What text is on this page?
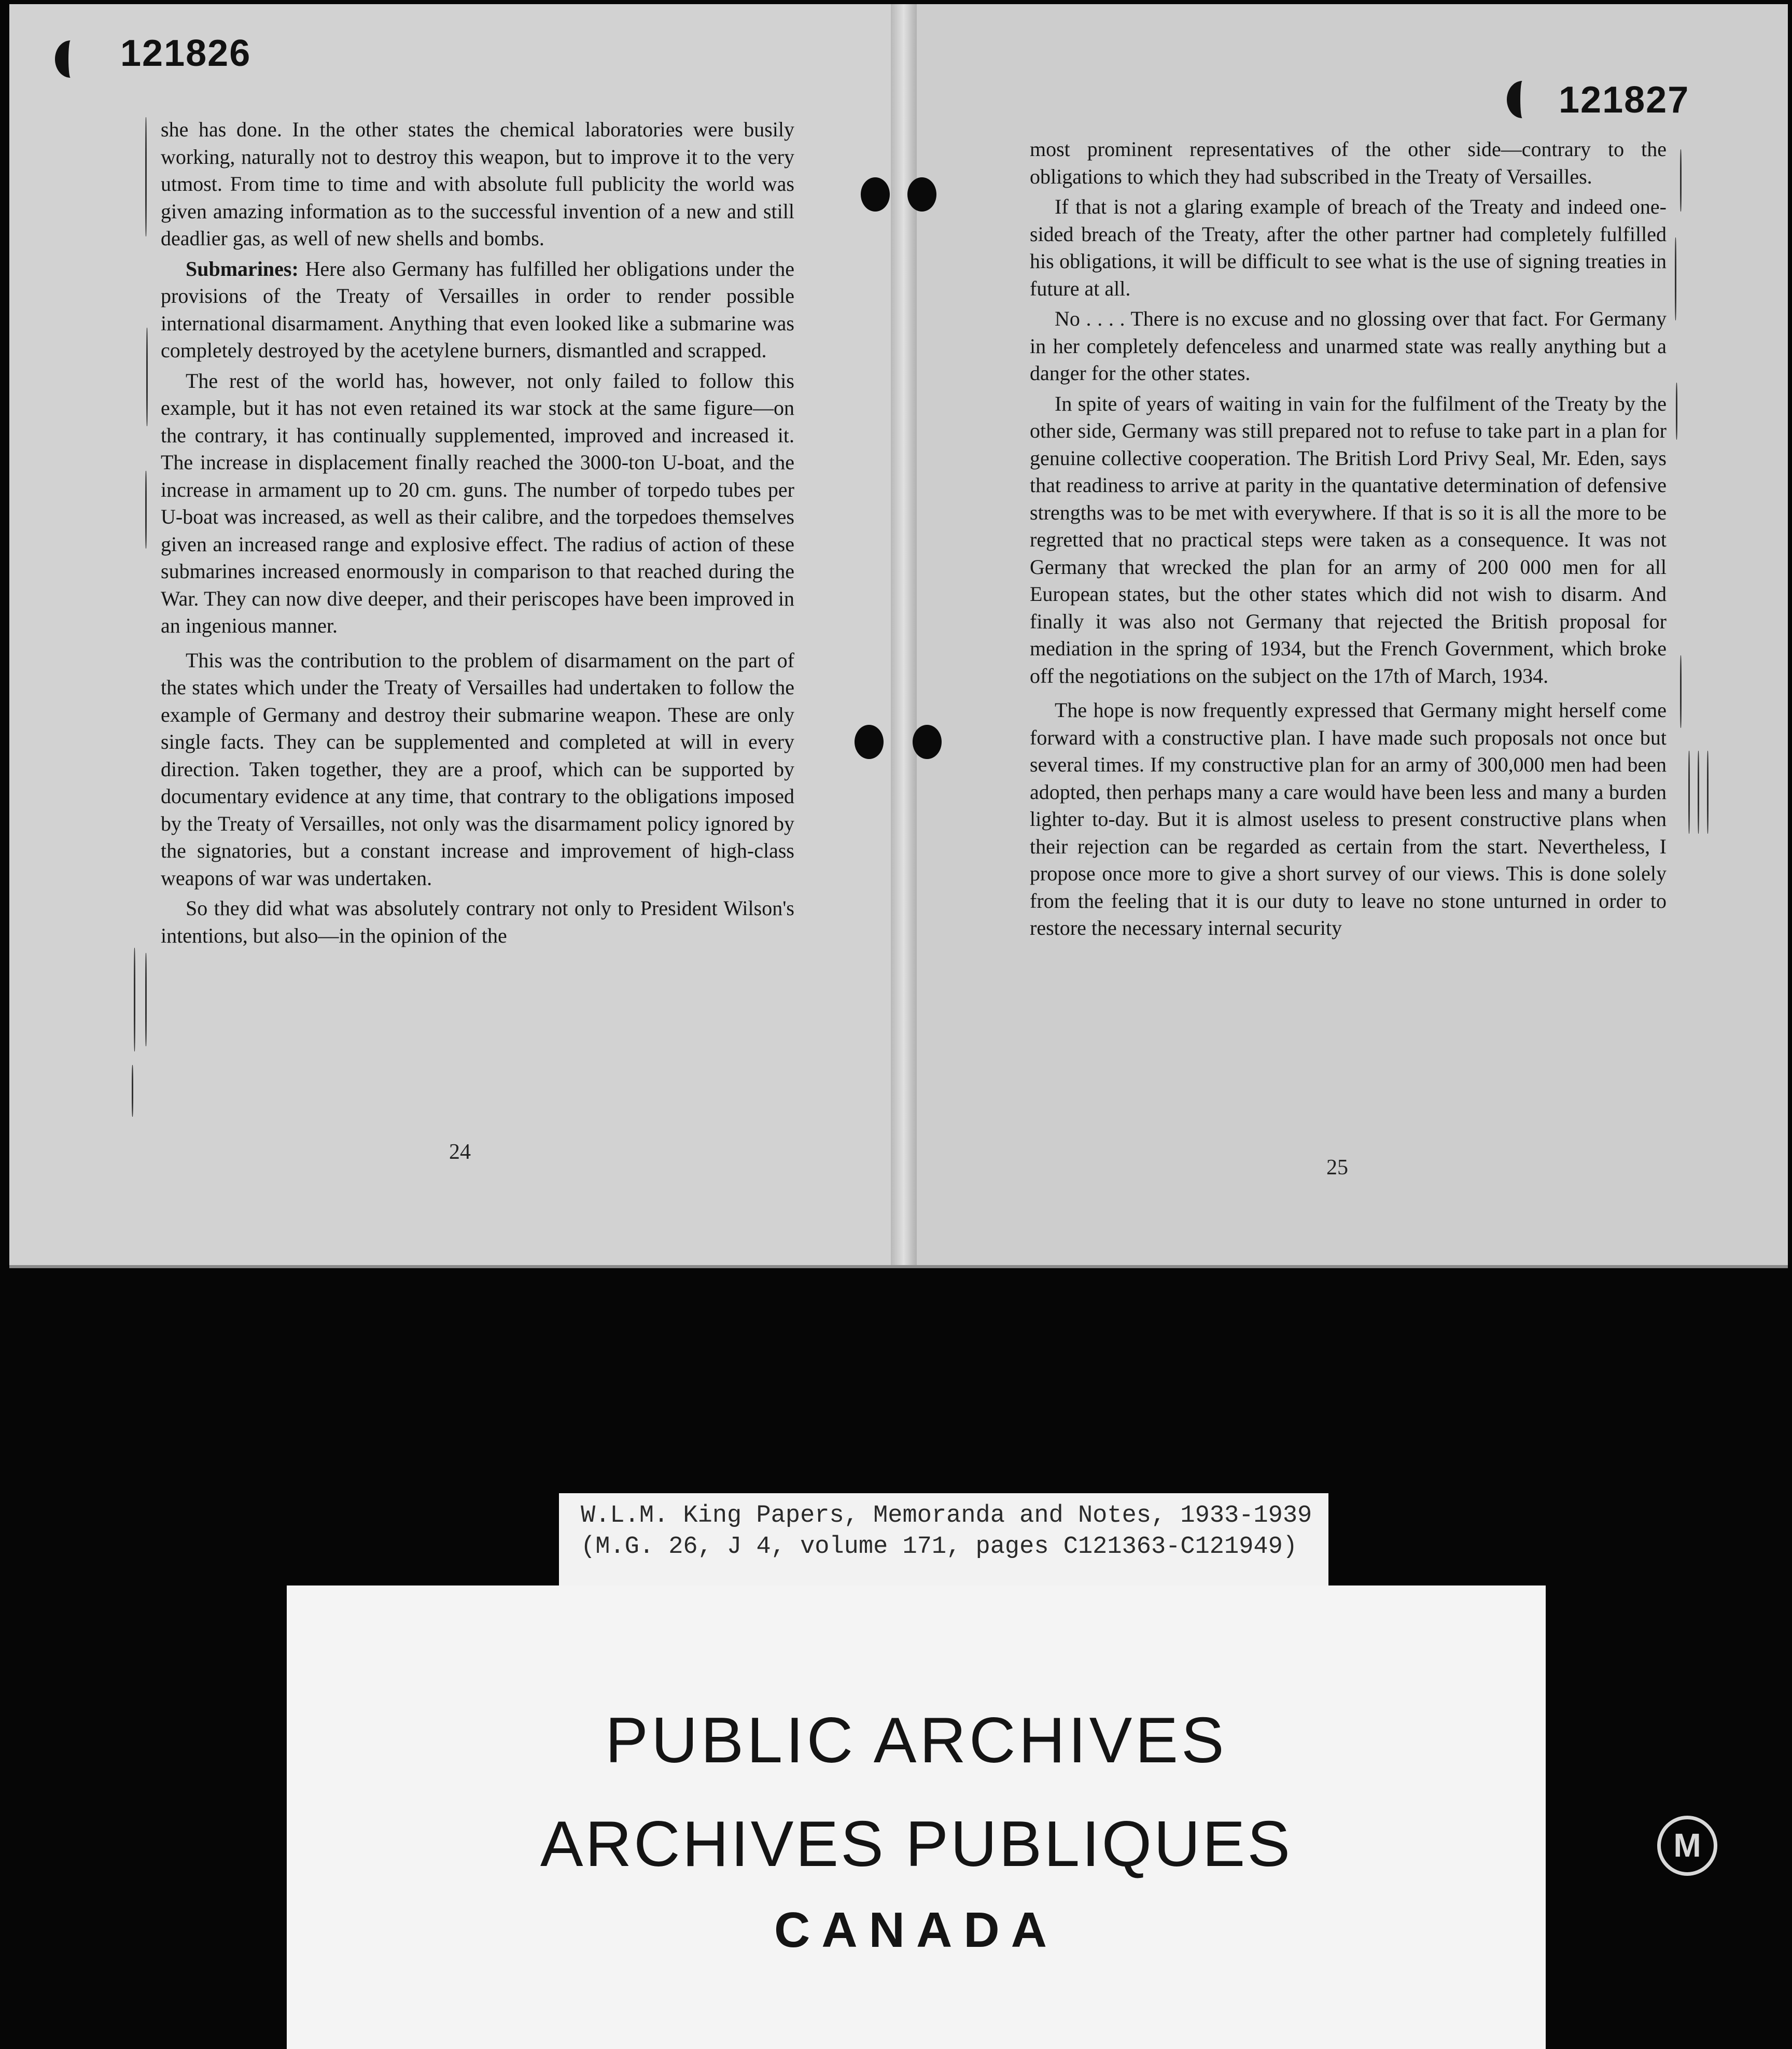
121826
121827

she has done. In the other states the chemical laboratories were busily working, naturally not to destroy this weapon, but to improve it to the very utmost. From time to time and with absolute full publicity the world was given amazing information as to the successful invention of a new and still deadlier gas, as well of new shells and bombs.

Submarines: Here also Germany has fulfilled her obligations under the provisions of the Treaty of Versailles in order to render possible international disarmament. Anything that even looked like a submarine was completely destroyed by the acetylene burners, dismantled and scrapped.

The rest of the world has, however, not only failed to follow this example, but it has not even retained its war stock at the same figure—on the contrary, it has continually supplemented, improved and increased it. The increase in displacement finally reached the 3000-ton U-boat, and the increase in armament up to 20 cm. guns. The number of torpedo tubes per U-boat was increased, as well as their calibre, and the torpedoes themselves given an increased range and explosive effect. The radius of action of these submarines increased enormously in comparison to that reached during the War. They can now dive deeper, and their periscopes have been improved in an ingenious manner.

This was the contribution to the problem of disarmament on the part of the states which under the Treaty of Versailles had undertaken to follow the example of Germany and destroy their submarine weapon. These are only single facts. They can be supplemented and completed at will in every direction. Taken together, they are a proof, which can be supported by documentary evidence at any time, that contrary to the obligations imposed by the Treaty of Versailles, not only was the disarmament policy ignored by the signatories, but a constant increase and improvement of high-class weapons of war was undertaken.

So they did what was absolutely contrary not only to President Wilson's intentions, but also—in the opinion of the

24

most prominent representatives of the other side—contrary to the obligations to which they had subscribed in the Treaty of Versailles.

If that is not a glaring example of breach of the Treaty and indeed one-sided breach of the Treaty, after the other partner had completely fulfilled his obligations, it will be difficult to see what is the use of signing treaties in future at all.

No . . . . There is no excuse and no glossing over that fact. For Germany in her completely defenceless and unarmed state was really anything but a danger for the other states.

In spite of years of waiting in vain for the fulfilment of the Treaty by the other side, Germany was still prepared not to refuse to take part in a plan for genuine collective cooperation. The British Lord Privy Seal, Mr. Eden, says that readiness to arrive at parity in the quantative determination of defensive strengths was to be met with everywhere. If that is so it is all the more to be regretted that no practical steps were taken as a consequence. It was not Germany that wrecked the plan for an army of 200 000 men for all European states, but the other states which did not wish to disarm. And finally it was also not Germany that rejected the British proposal for mediation in the spring of 1934, but the French Government, which broke off the negotiations on the subject on the 17th of March, 1934.

The hope is now frequently expressed that Germany might herself come forward with a constructive plan. I have made such proposals not once but several times. If my constructive plan for an army of 300,000 men had been adopted, then perhaps many a care would have been less and many a burden lighter to-day. But it is almost useless to present constructive plans when their rejection can be regarded as certain from the start. Nevertheless, I propose once more to give a short survey of our views. This is done solely from the feeling that it is our duty to leave no stone unturned in order to restore the necessary internal security

25
W.L.M. King Papers, Memoranda and Notes, 1933-1939
(M.G. 26, J 4, volume 171, pages C121363-C121949)
PUBLIC ARCHIVES
ARCHIVES PUBLIQUES
CANADA
M
